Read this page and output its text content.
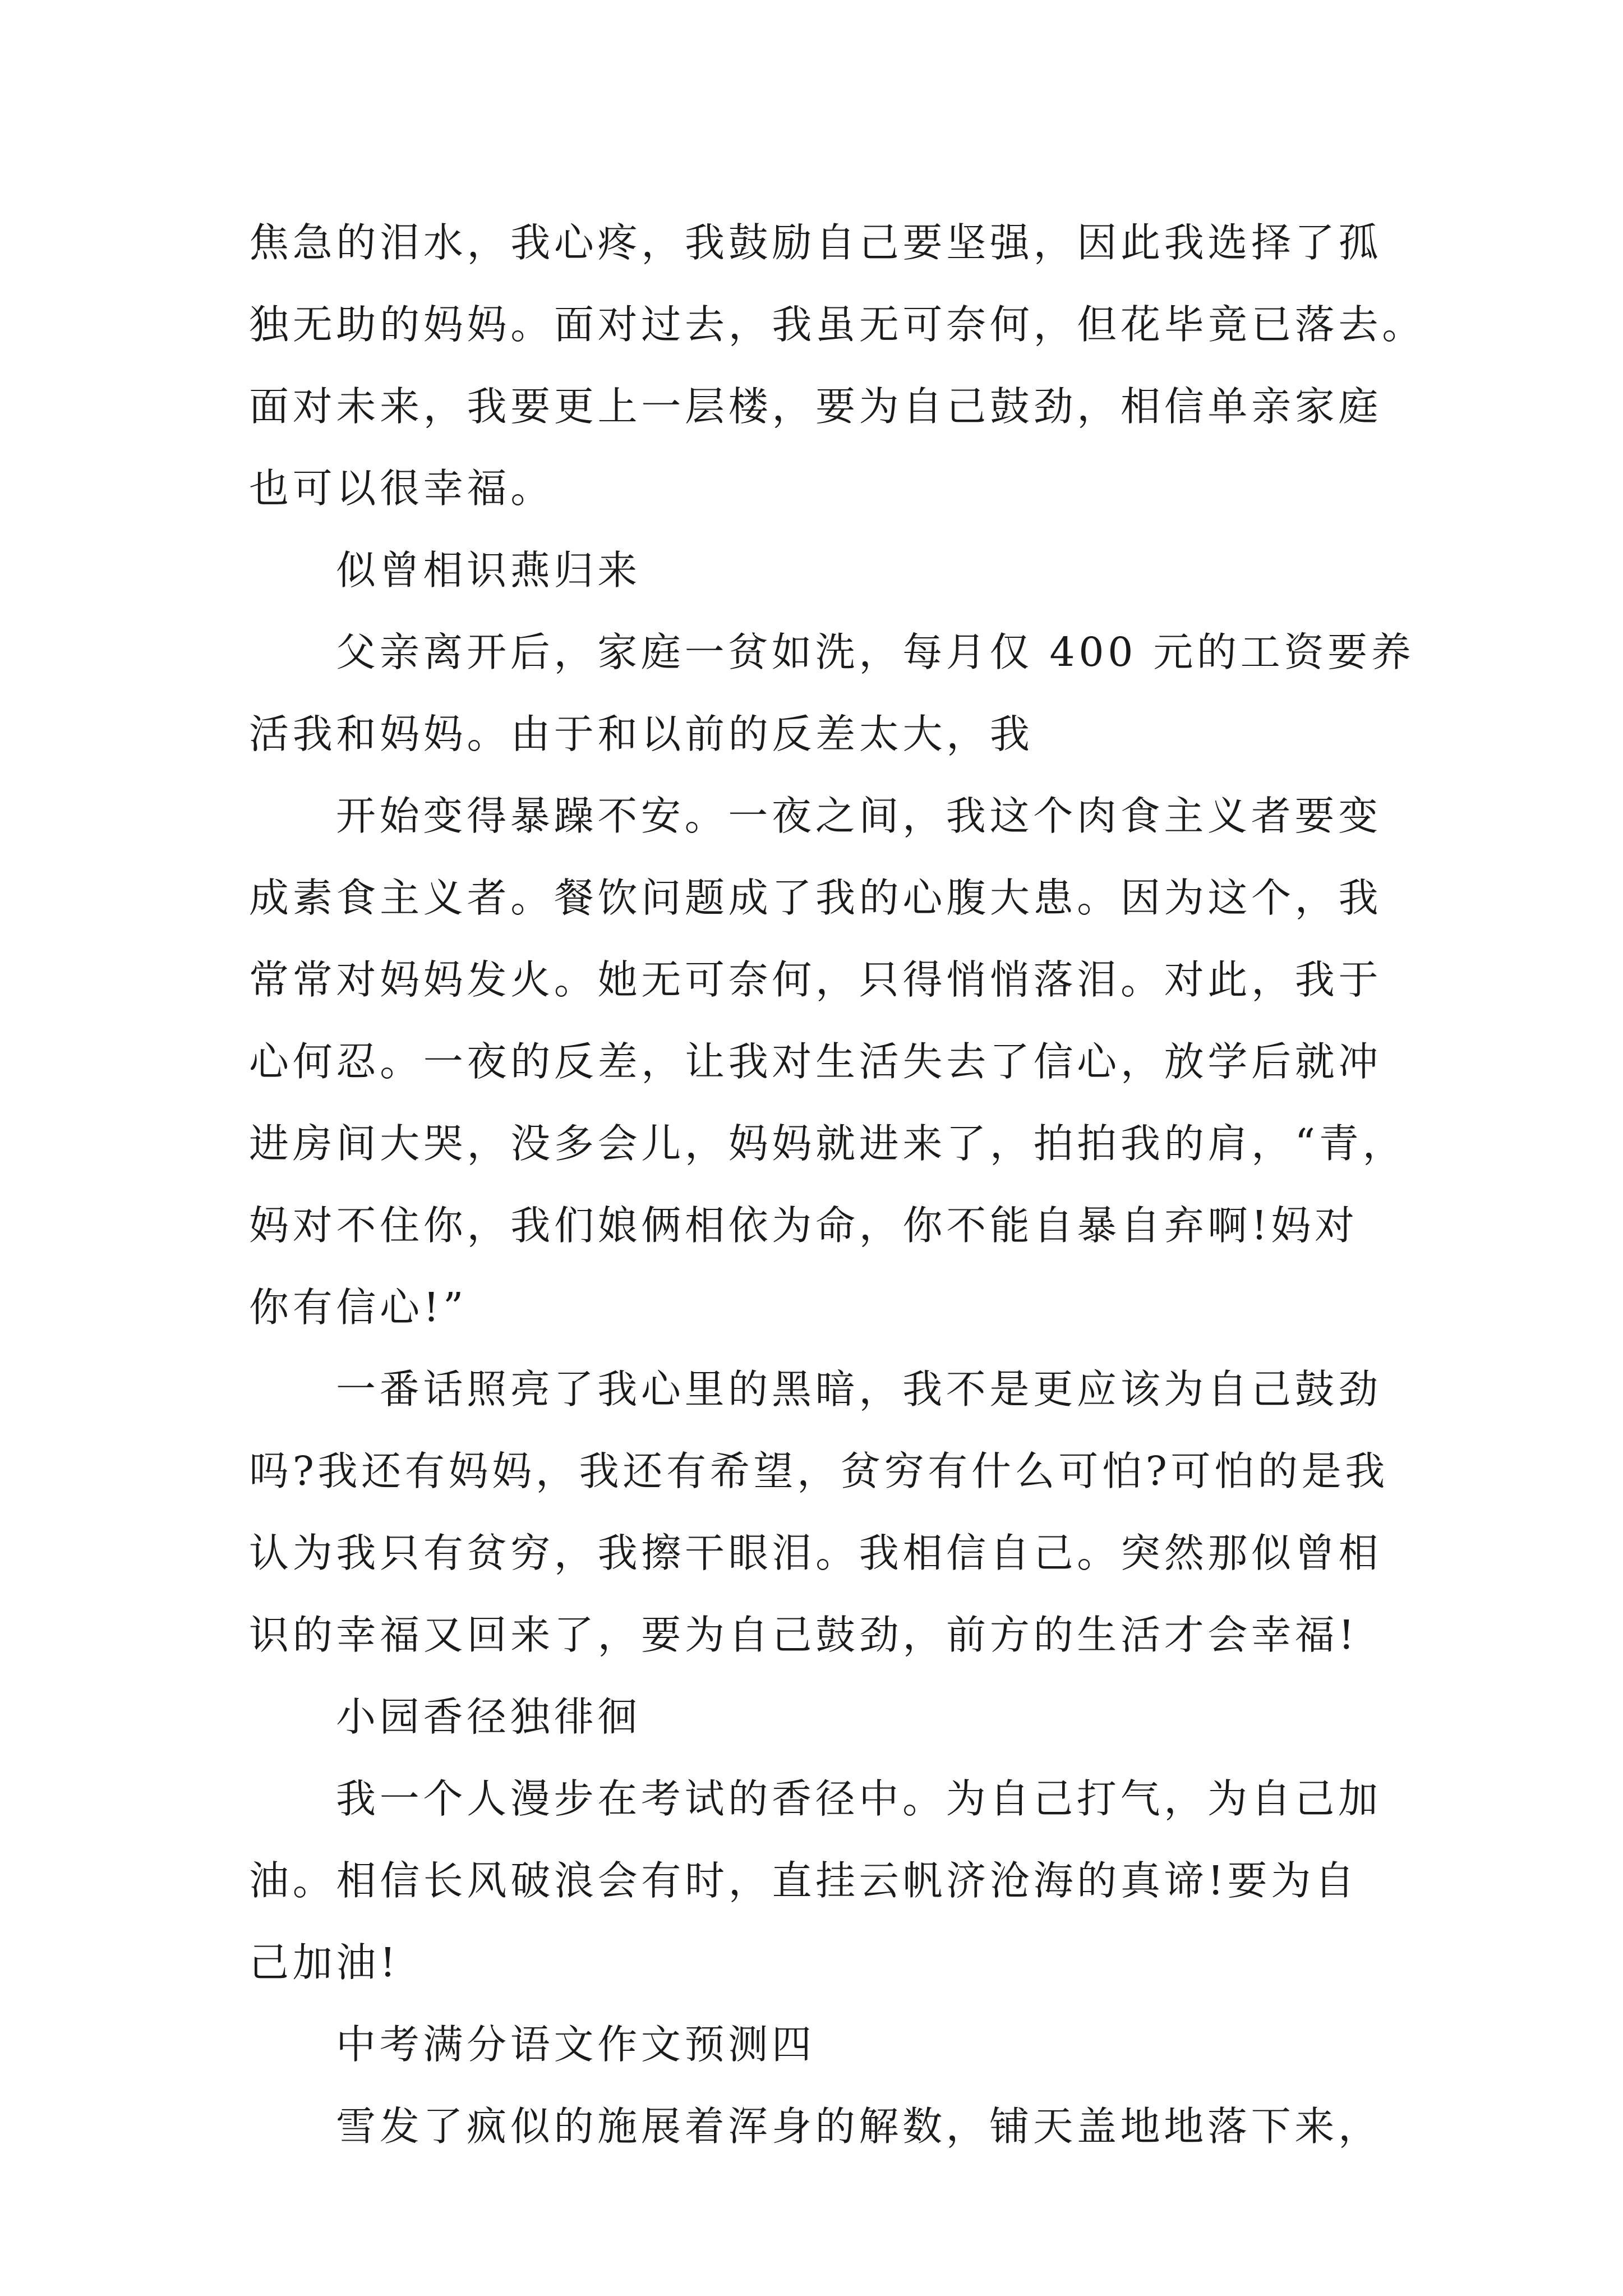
焦急的泪水，我心疼，我鼓励自己要坚强，因此我选择了孤
独无助的妈妈。面对过去，我虽无可奈何，但花毕竟已落去。
面对未来，我要更上一层楼，要为自己鼓劲，相信单亲家庭
也可以很幸福。
似曾相识燕归来
父亲离开后，家庭一贫如洗，每月仅 400 元的工资要养
活我和妈妈。由于和以前的反差太大，我
开始变得暴躁不安。一夜之间，我这个肉食主义者要变
成素食主义者。餐饮问题成了我的心腹大患。因为这个，我
常常对妈妈发火。她无可奈何，只得悄悄落泪。对此，我于
心何忍。一夜的反差，让我对生活失去了信心，放学后就冲
进房间大哭，没多会儿，妈妈就进来了，拍拍我的肩，“青，
妈对不住你，我们娘俩相依为命，你不能自暴自弃啊!妈对
你有信心!”
一番话照亮了我心里的黑暗，我不是更应该为自己鼓劲
吗?我还有妈妈，我还有希望，贫穷有什么可怕?可怕的是我
认为我只有贫穷，我擦干眼泪。我相信自己。突然那似曾相
识的幸福又回来了，要为自己鼓劲，前方的生活才会幸福!
小园香径独徘徊
我一个人漫步在考试的香径中。为自己打气，为自己加
油。相信长风破浪会有时，直挂云帆济沧海的真谛!要为自
己加油!
中考满分语文作文预测四
雪发了疯似的施展着浑身的解数，铺天盖地地落下来，
